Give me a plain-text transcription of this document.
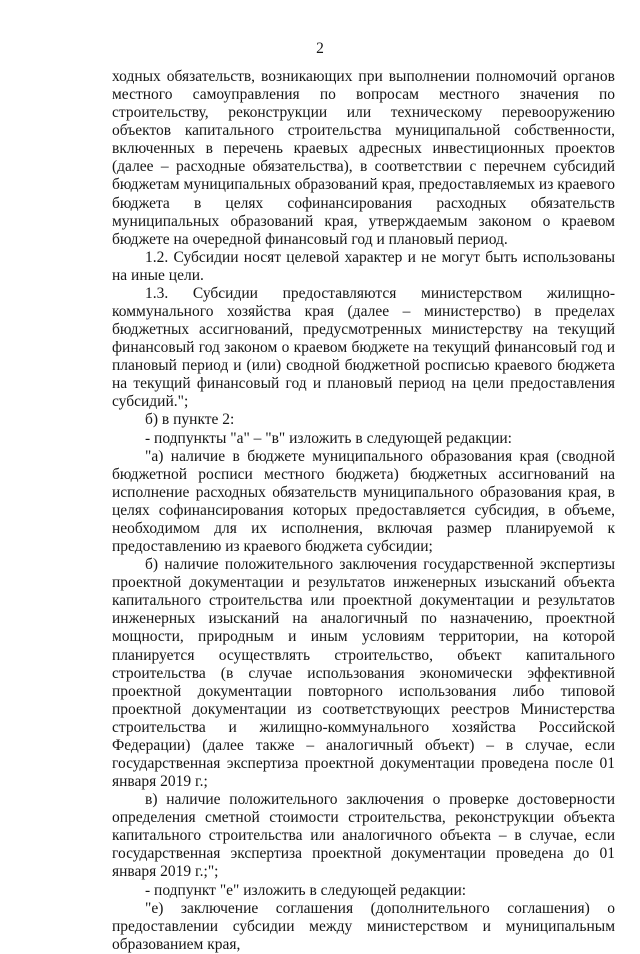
2

ходных обязательств, возникающих при выполнении полномочий органов местного самоуправления по вопросам местного значения по строительству, реконструкции или техническому перевооружению объектов капитального строительства муниципальной собственности, включенных в перечень краевых адресных инвестиционных проектов (далее – расходные обязательства), в соответствии с перечнем субсидий бюджетам муниципальных образований края, предоставляемых из краевого бюджета в целях софинансирования расходных обязательств муниципальных образований края, утверждаемым законом о краевом бюджете на очередной финансовый год и плановый период.

1.2. Субсидии носят целевой характер и не могут быть использованы на иные цели.

1.3. Субсидии предоставляются министерством жилищно-коммунального хозяйства края (далее – министерство) в пределах бюджетных ассигнований, предусмотренных министерству на текущий финансовый год законом о краевом бюджете на текущий финансовый год и плановый период и (или) сводной бюджетной росписью краевого бюджета на текущий финансовый год и плановый период на цели предоставления субсидий.";

б) в пункте 2:

- подпункты "а" – "в" изложить в следующей редакции:

"а) наличие в бюджете муниципального образования края (сводной бюджетной росписи местного бюджета) бюджетных ассигнований на исполнение расходных обязательств муниципального образования края, в целях софинансирования которых предоставляется субсидия, в объеме, необходимом для их исполнения, включая размер планируемой к предоставлению из краевого бюджета субсидии;

б) наличие положительного заключения государственной экспертизы проектной документации и результатов инженерных изысканий объекта капитального строительства или проектной документации и результатов инженерных изысканий на аналогичный по назначению, проектной мощности, природным и иным условиям территории, на которой планируется осуществлять строительство, объект капитального строительства (в случае использования экономически эффективной проектной документации повторного использования либо типовой проектной документации из соответствующих реестров Министерства строительства и жилищно-коммунального хозяйства Российской Федерации) (далее также – аналогичный объект) – в случае, если государственная экспертиза проектной документации проведена после 01 января 2019 г.;

в) наличие положительного заключения о проверке достоверности определения сметной стоимости строительства, реконструкции объекта капитального строительства или аналогичного объекта – в случае, если государственная экспертиза проектной документации проведена до 01 января 2019 г.;";

- подпункт "е" изложить в следующей редакции:

"е) заключение соглашения (дополнительного соглашения) о предоставлении субсидии между министерством и муниципальным образованием края,
